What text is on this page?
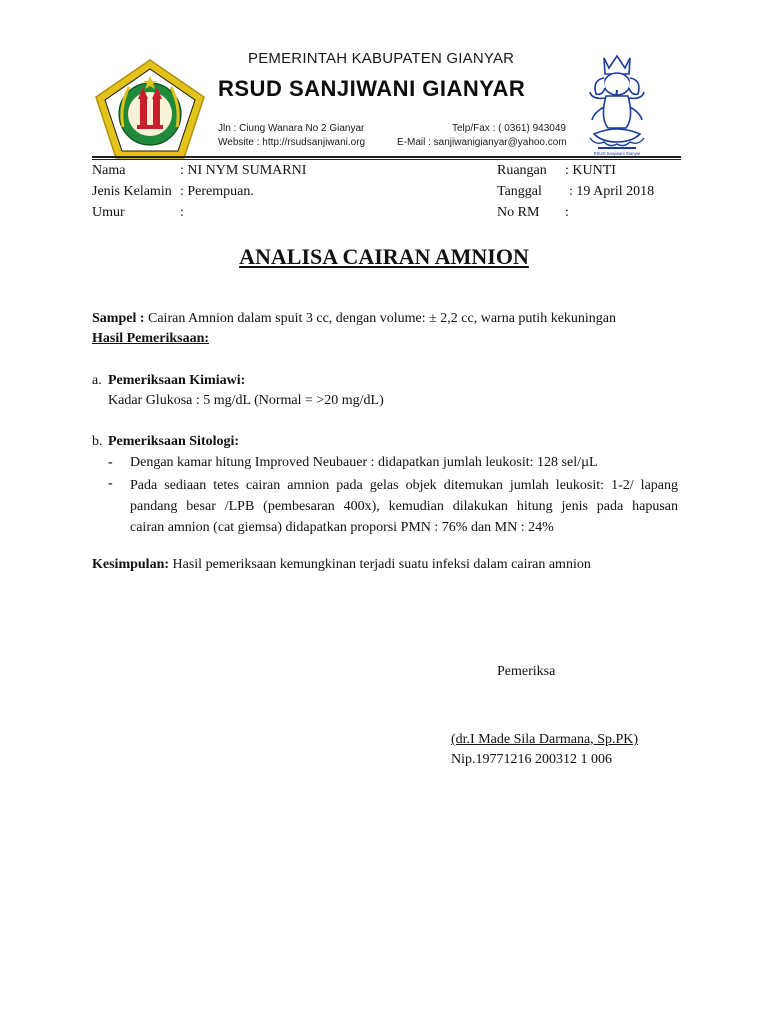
PEMERINTAH KABUPATEN GIANYAR
RSUD SANJIWANI GIANYAR
Jln : Ciung Wanara No 2 Gianyar
Website : http://rsudsanjiwani.org
Telp/Fax : ( 0361) 943049
E-Mail : sanjiwanigianyar@yahoo.com
RSUD Sanjiwani Gianyar
Nama	: NI NYM SUMARNI
Jenis Kelamin : Perempuan.
Umur	:
Ruangan : KUNTI
Tanggal : 19 April 2018
No RM :
ANALISA CAIRAN AMNION
Sampel : Cairan Amnion dalam spuit 3 cc, dengan volume: ± 2,2 cc, warna putih kekuningan
Hasil Pemeriksaan:
a. Pemeriksaan Kimiawi:
Kadar Glukosa : 5 mg/dL (Normal = >20 mg/dL)
b. Pemeriksaan Sitologi:
- Dengan kamar hitung Improved Neubauer : didapatkan jumlah leukosit: 128 sel/µL
- Pada sediaan tetes cairan amnion pada gelas objek ditemukan jumlah leukosit: 1-2/ lapang
pandang besar /LPB (pembesaran 400x), kemudian dilakukan hitung jenis pada hapusan
cairan amnion (cat giemsa) didapatkan proporsi PMN : 76% dan MN : 24%
Kesimpulan: Hasil pemeriksaan kemungkinan terjadi suatu infeksi dalam cairan amnion
Pemeriksa
(dr.I Made Sila Darmana, Sp.PK)
Nip.19771216 200312 1 006
